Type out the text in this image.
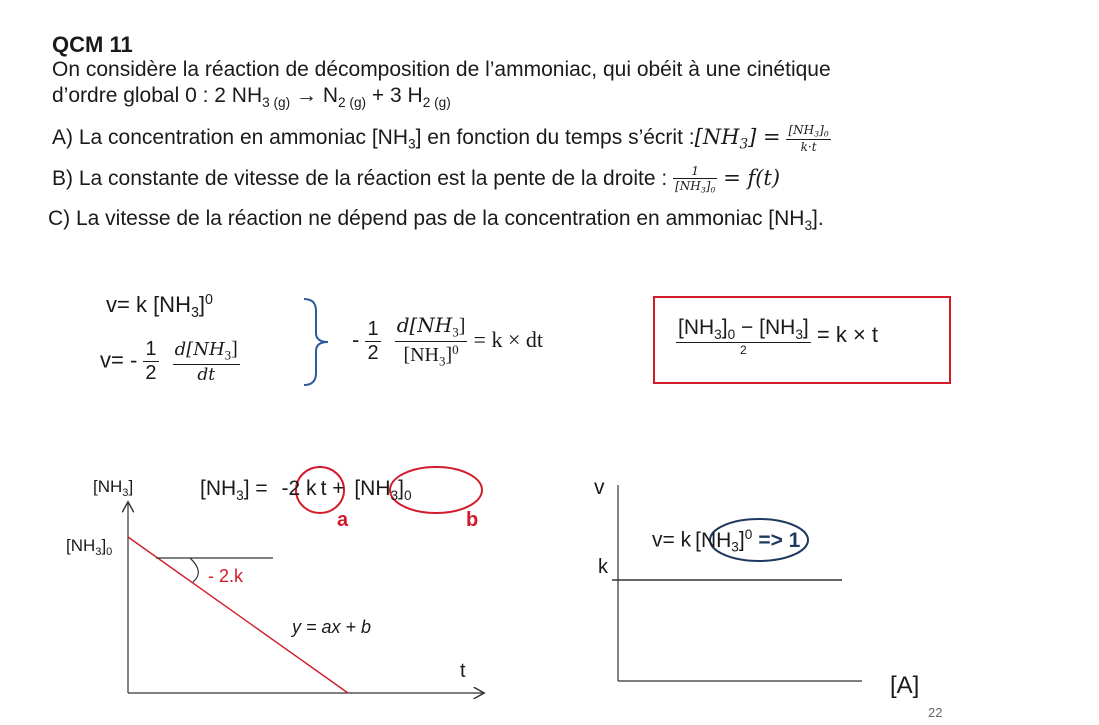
QCM 11
On considère la réaction de décomposition de l’ammoniac, qui obéit à une cinétique
d’ordre global 0 : 2 $NH_{3 (g)} \to N_{2 (g)} + 3$ $H_{2 (g)}$
A) La concentration en ammoniac $[NH_3]$ en fonction du temps s’écrit $:[NH_3] = \frac{[NH_3]_0}{k\cdot t}$
B) La constante de vitesse de la réaction est la pente de la droite : $\frac{1}{[NH_3]_0} = f(t)$
C) La vitesse de la réaction ne dépend pas de la concentration en ammoniac $[NH_3]$.
v= k $[NH_3]^0$
$v= - \frac{1}{2}$
$\frac{d[NH_3]}{dt}$	- $\frac{1}{2}$
$\frac{d[NH_3]}{[NH_3]^0} = k$ × dt	$\frac{[NH_3]_0 - [NH_3]}{2} = k \times t$
$[NH_3]$
$[NH_3]_0$
- 2.k
y = ax + b
t
$[NH_3] = -2$ k $t + [NH_3]_0$
a	b
v
k
[A]
v= k $[NH_3]^0 => 1$
22
